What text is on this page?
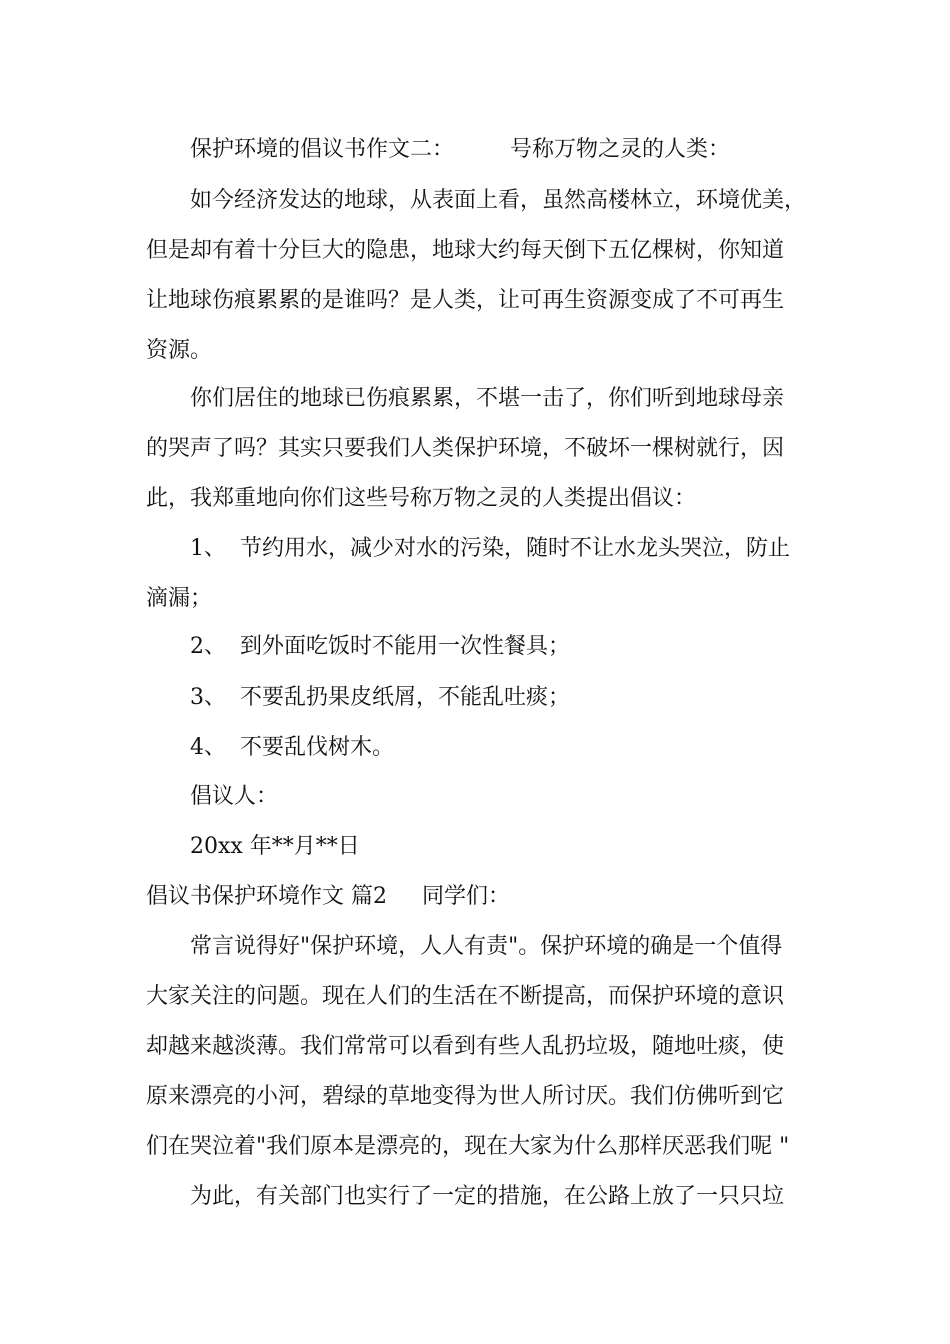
保护环境的倡议书作文二：        号称万物之灵的人类：
如今经济发达的地球，从表面上看，虽然高楼林立，环境优美，
但是却有着十分巨大的隐患，地球大约每天倒下五亿棵树，你知道
让地球伤痕累累的是谁吗？是人类，让可再生资源变成了不可再生
资源。
你们居住的地球已伤痕累累，不堪一击了，你们听到地球母亲
的哭声了吗？其实只要我们人类保护环境，不破坏一棵树就行，因
此，我郑重地向你们这些号称万物之灵的人类提出倡议：
1、  节约用水，减少对水的污染，随时不让水龙头哭泣，防止
滴漏；
2、  到外面吃饭时不能用一次性餐具；
3、  不要乱扔果皮纸屑，不能乱吐痰；
4、  不要乱伐树木。
倡议人：
20xx 年**月**日
倡议书保护环境作文 篇2     同学们：
常言说得好"保护环境，人人有责"。保护环境的确是一个值得
大家关注的问题。现在人们的生活在不断提高，而保护环境的意识
却越来越淡薄。我们常常可以看到有些人乱扔垃圾，随地吐痰，使
原来漂亮的小河，碧绿的草地变得为世人所讨厌。我们仿佛听到它
们在哭泣着"我们原本是漂亮的，现在大家为什么那样厌恶我们呢 "
为此，有关部门也实行了一定的措施，在公路上放了一只只垃
